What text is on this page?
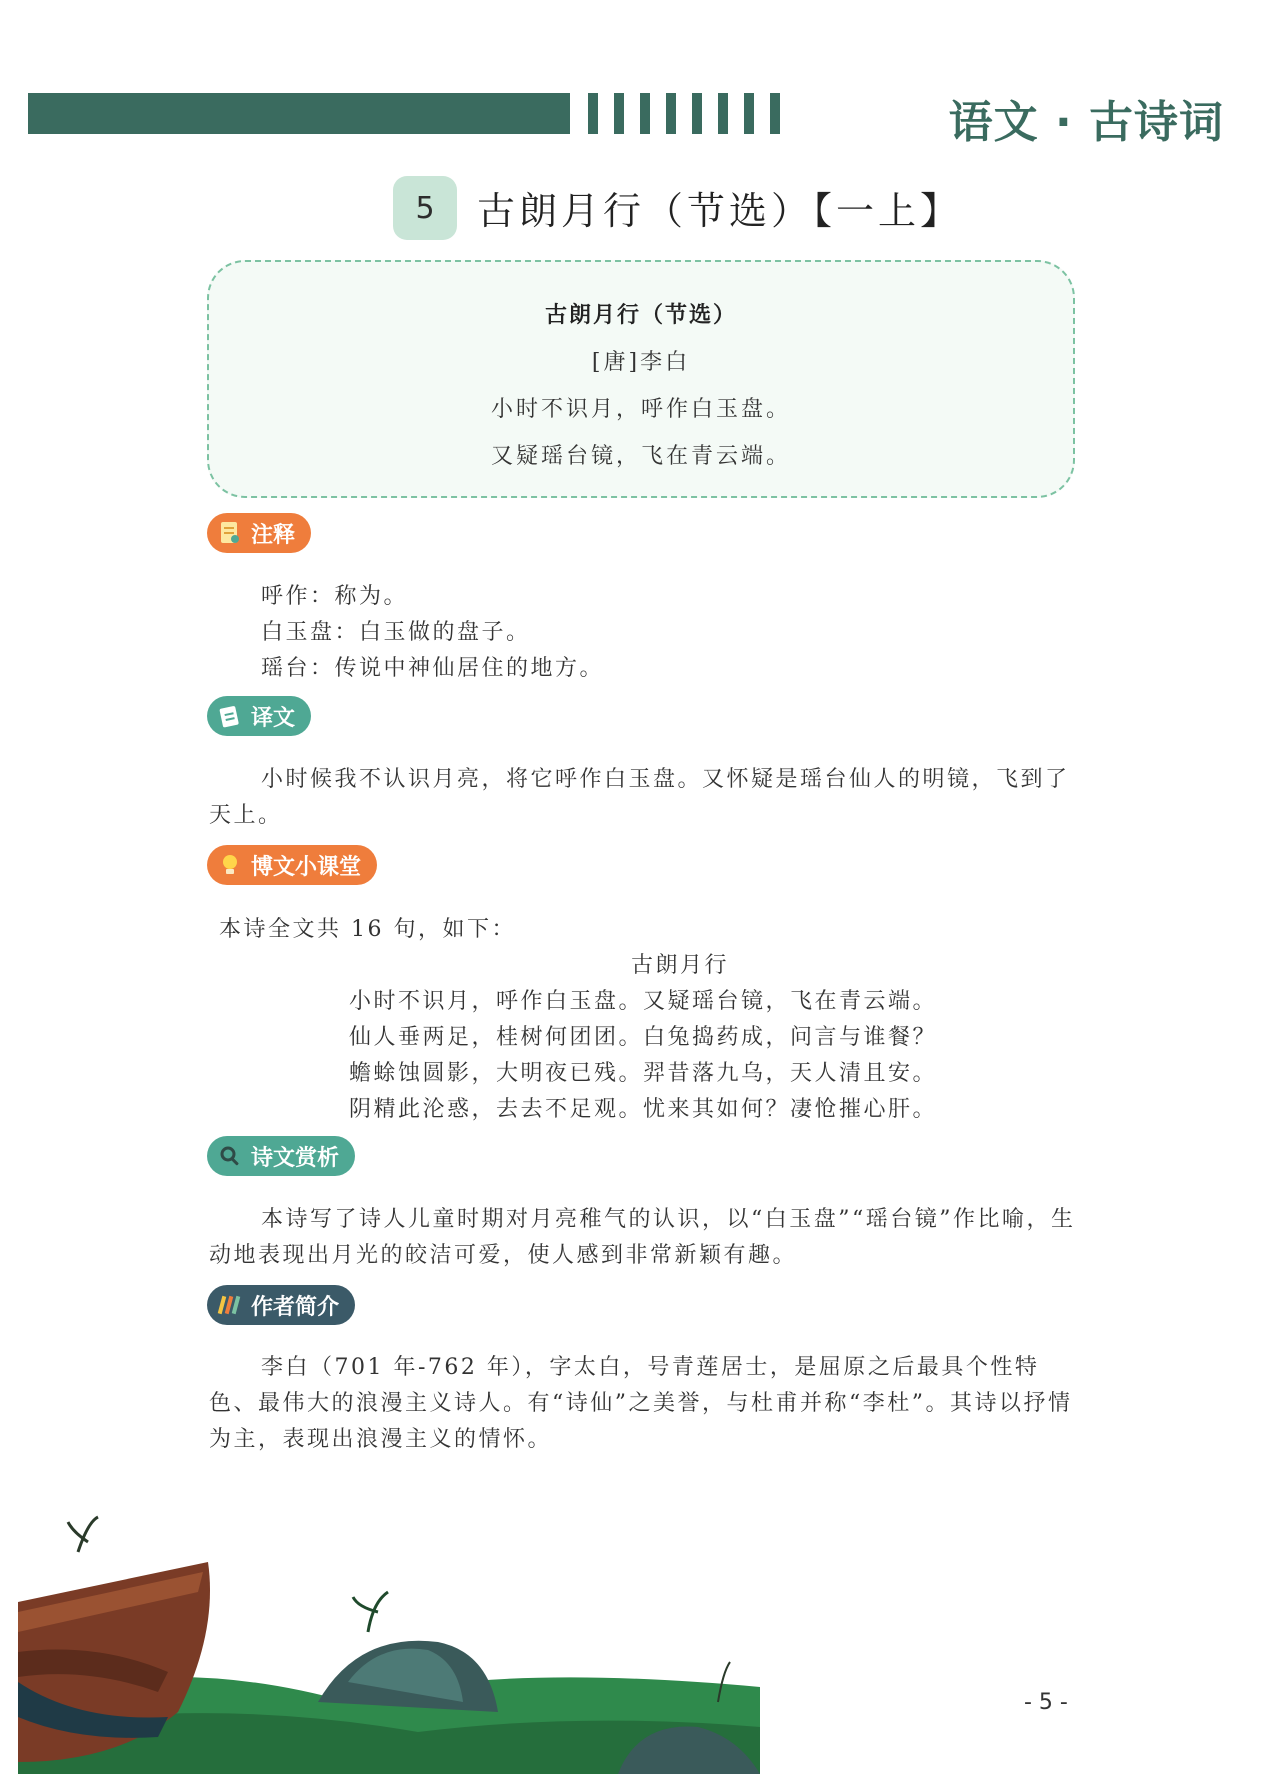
语文 · 古诗词
5	古朗月行（节选）【一上】
古朗月行（节选）
[唐]李白
小时不识月，呼作白玉盘。
又疑瑶台镜，飞在青云端。
注释
呼作：称为。
白玉盘：白玉做的盘子。
瑶台：传说中神仙居住的地方。
译文

小时候我不认识月亮，将它呼作白玉盘。又怀疑是瑶台仙人的明镜，飞到了天上。

博文小课堂
本诗全文共 16 句，如下：
古朗月行
小时不识月，呼作白玉盘。又疑瑶台镜，飞在青云端。
仙人垂两足，桂树何团团。白兔捣药成，问言与谁餐？
蟾蜍蚀圆影，大明夜已残。羿昔落九乌，天人清且安。
阴精此沦惑，去去不足观。忧来其如何？凄怆摧心肝。
诗文赏析

本诗写了诗人儿童时期对月亮稚气的认识，以“白玉盘”“瑶台镜”作比喻，生动地表现出月光的皎洁可爱，使人感到非常新颖有趣。

作者简介

李白（701 年-762 年），字太白，号青莲居士，是屈原之后最具个性特色、最伟大的浪漫主义诗人。有“诗仙”之美誉，与杜甫并称“李杜”。其诗以抒情为主，表现出浪漫主义的情怀。

- 5 -
